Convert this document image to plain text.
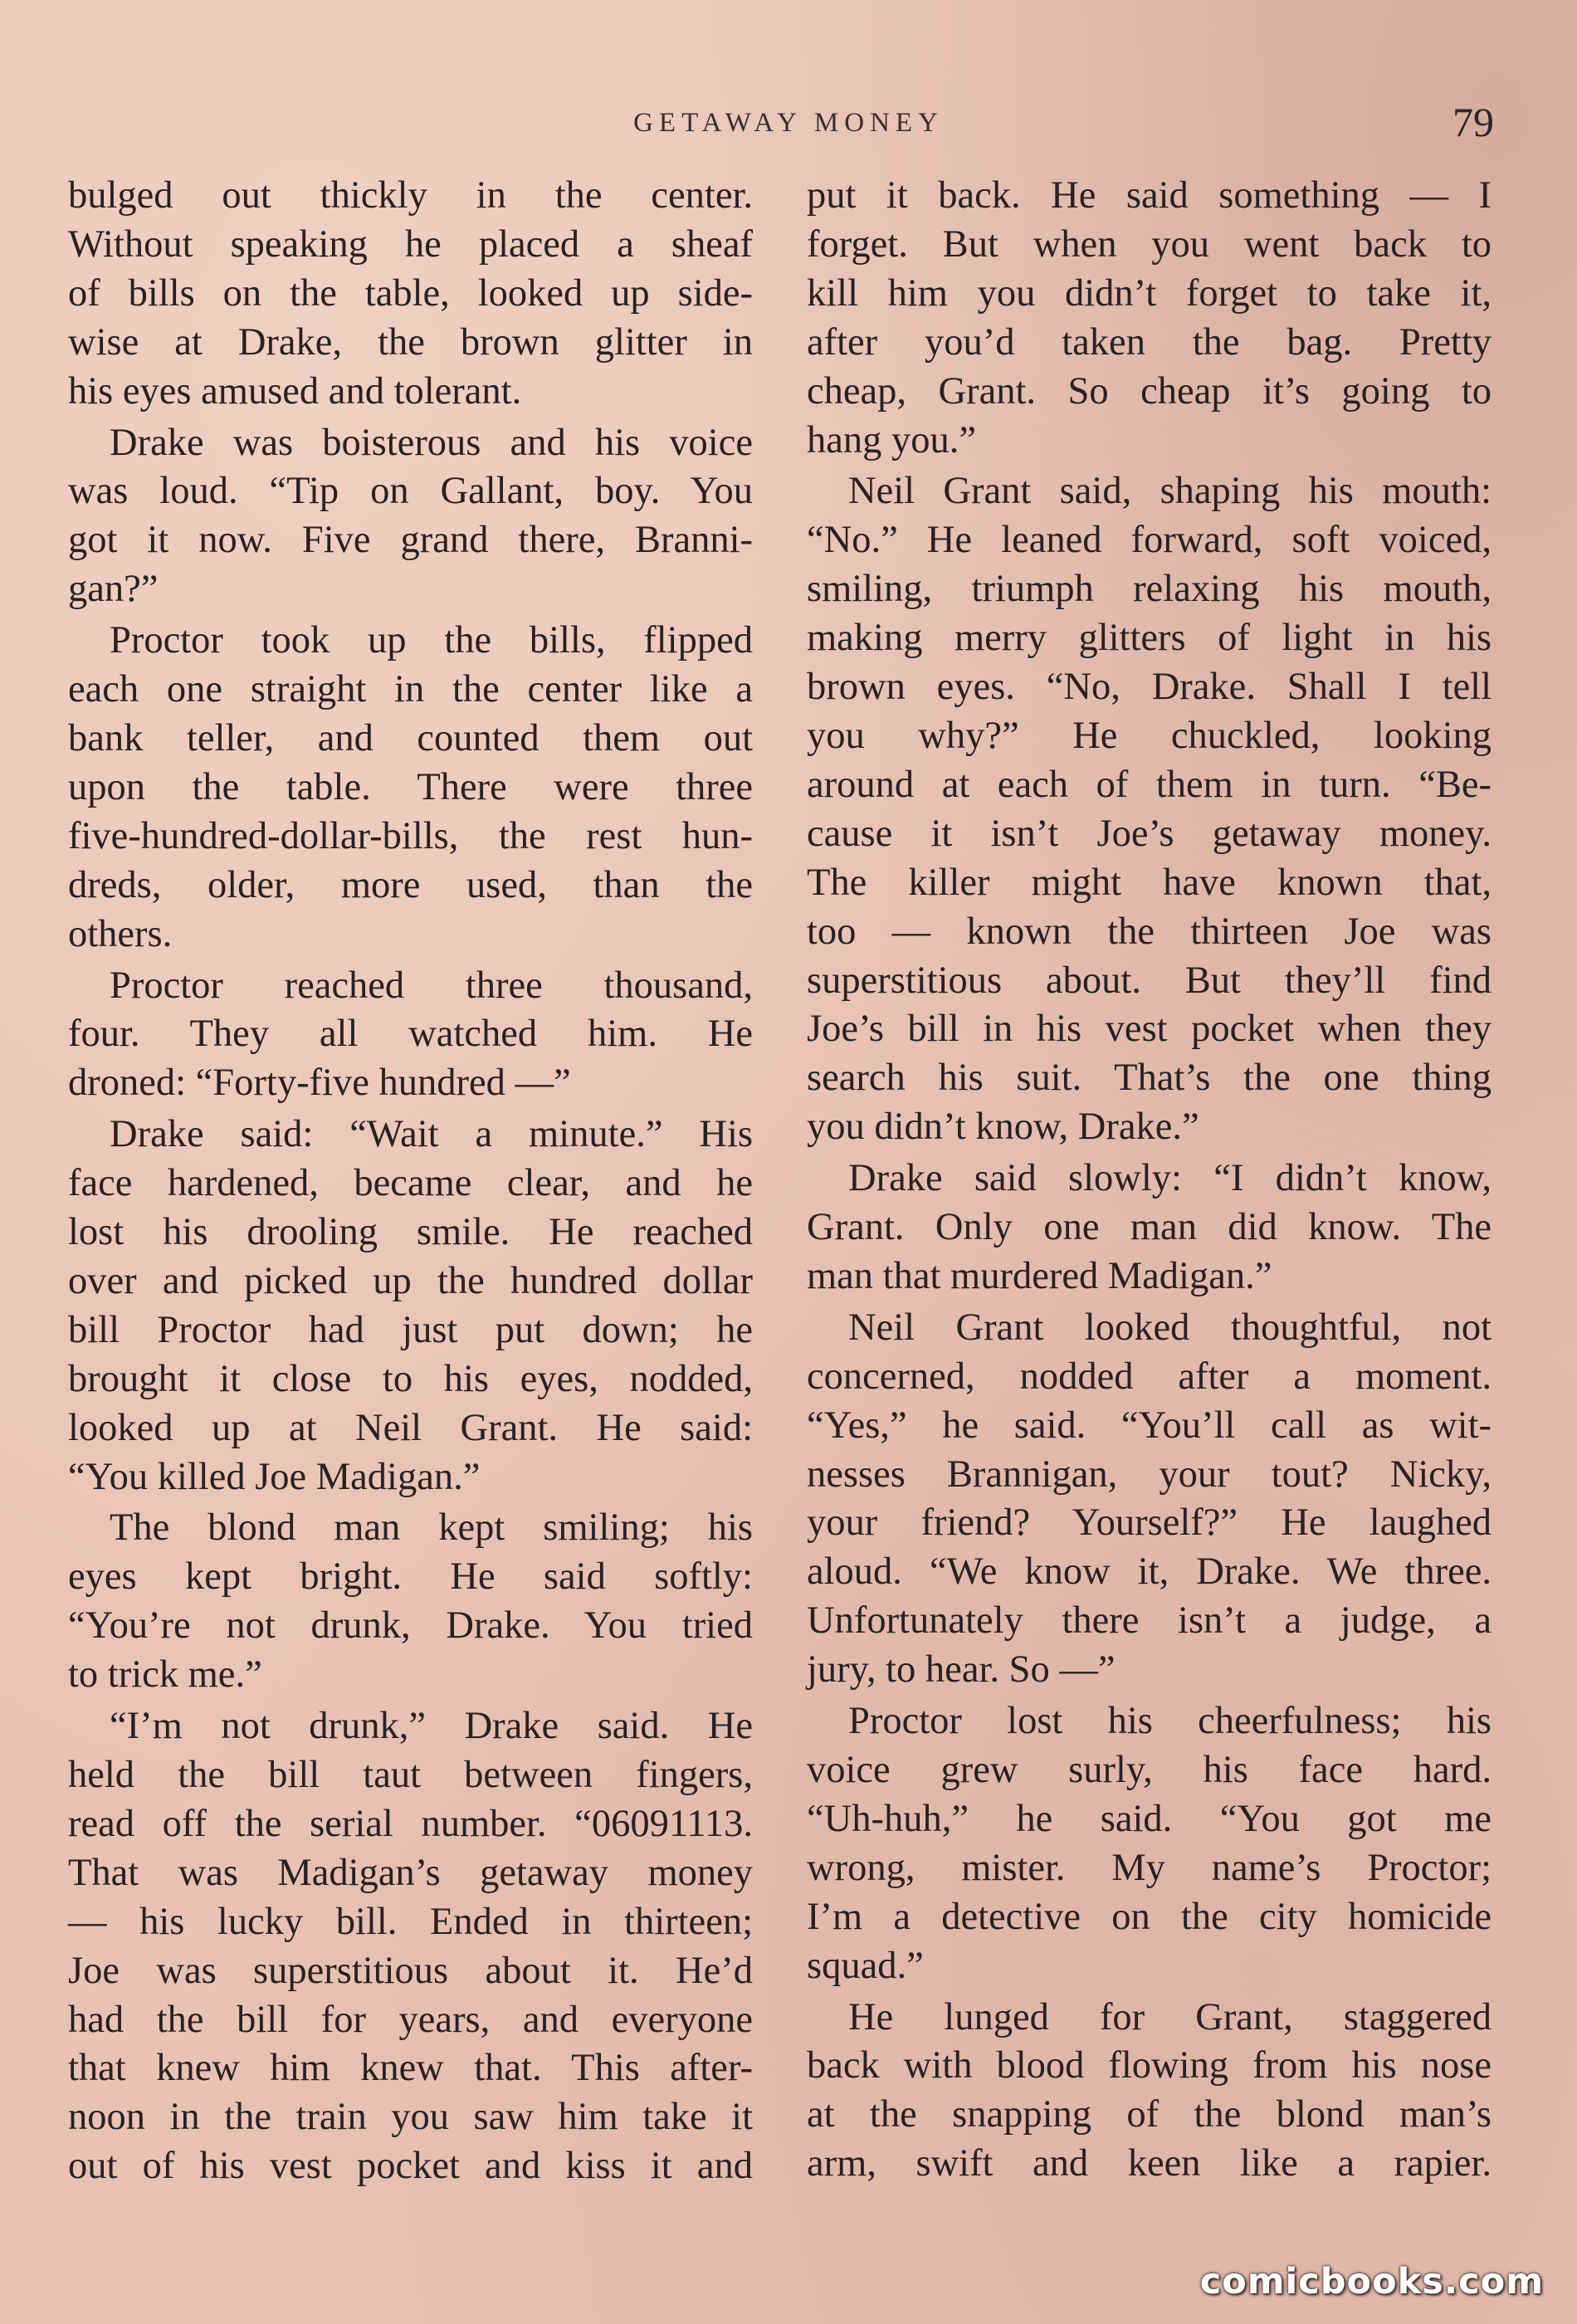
GETAWAY MONEY	79

bulged out thickly in the center.

Without speaking he placed a sheaf

of bills on the table, looked up side-

wise at Drake, the brown glitter in

his eyes amused and tolerant.

Drake was boisterous and his voice

was loud. “Tip on Gallant, boy. You

got it now. Five grand there, Branni-

gan?”

Proctor took up the bills, flipped

each one straight in the center like a

bank teller, and counted them out

upon the table. There were three

five-hundred-dollar-bills, the rest hun-

dreds, older, more used, than the

others.

Proctor reached three thousand,

four. They all watched him. He

droned: “Forty-five hundred —”

Drake said: “Wait a minute.” His

face hardened, became clear, and he

lost his drooling smile. He reached

over and picked up the hundred dollar

bill Proctor had just put down; he

brought it close to his eyes, nodded,

looked up at Neil Grant. He said:

“You killed Joe Madigan.”

The blond man kept smiling; his

eyes kept bright. He said softly:

“You’re not drunk, Drake. You tried

to trick me.”

“I’m not drunk,” Drake said. He

held the bill taut between fingers,

read off the serial number. “06091113.

That was Madigan’s getaway money

— his lucky bill. Ended in thirteen;

Joe was superstitious about it. He’d

had the bill for years, and everyone

that knew him knew that. This after-

noon in the train you saw him take it

out of his vest pocket and kiss it and

put it back. He said something — I

forget. But when you went back to

kill him you didn’t forget to take it,

after you’d taken the bag. Pretty

cheap, Grant. So cheap it’s going to

hang you.”

Neil Grant said, shaping his mouth:

“No.” He leaned forward, soft voiced,

smiling, triumph relaxing his mouth,

making merry glitters of light in his

brown eyes. “No, Drake. Shall I tell

you why?” He chuckled, looking

around at each of them in turn. “Be-

cause it isn’t Joe’s getaway money.

The killer might have known that,

too — known the thirteen Joe was

superstitious about. But they’ll find

Joe’s bill in his vest pocket when they

search his suit. That’s the one thing

you didn’t know, Drake.”

Drake said slowly: “I didn’t know,

Grant. Only one man did know. The

man that murdered Madigan.”

Neil Grant looked thoughtful, not

concerned, nodded after a moment.

“Yes,” he said. “You’ll call as wit-

nesses Brannigan, your tout? Nicky,

your friend? Yourself?” He laughed

aloud. “We know it, Drake. We three.

Unfortunately there isn’t a judge, a

jury, to hear. So —”

Proctor lost his cheerfulness; his

voice grew surly, his face hard.

“Uh-huh,” he said. “You got me

wrong, mister. My name’s Proctor;

I’m a detective on the city homicide

squad.”

He lunged for Grant, staggered

back with blood flowing from his nose

at the snapping of the blond man’s

arm, swift and keen like a rapier.

comicbooks.com
